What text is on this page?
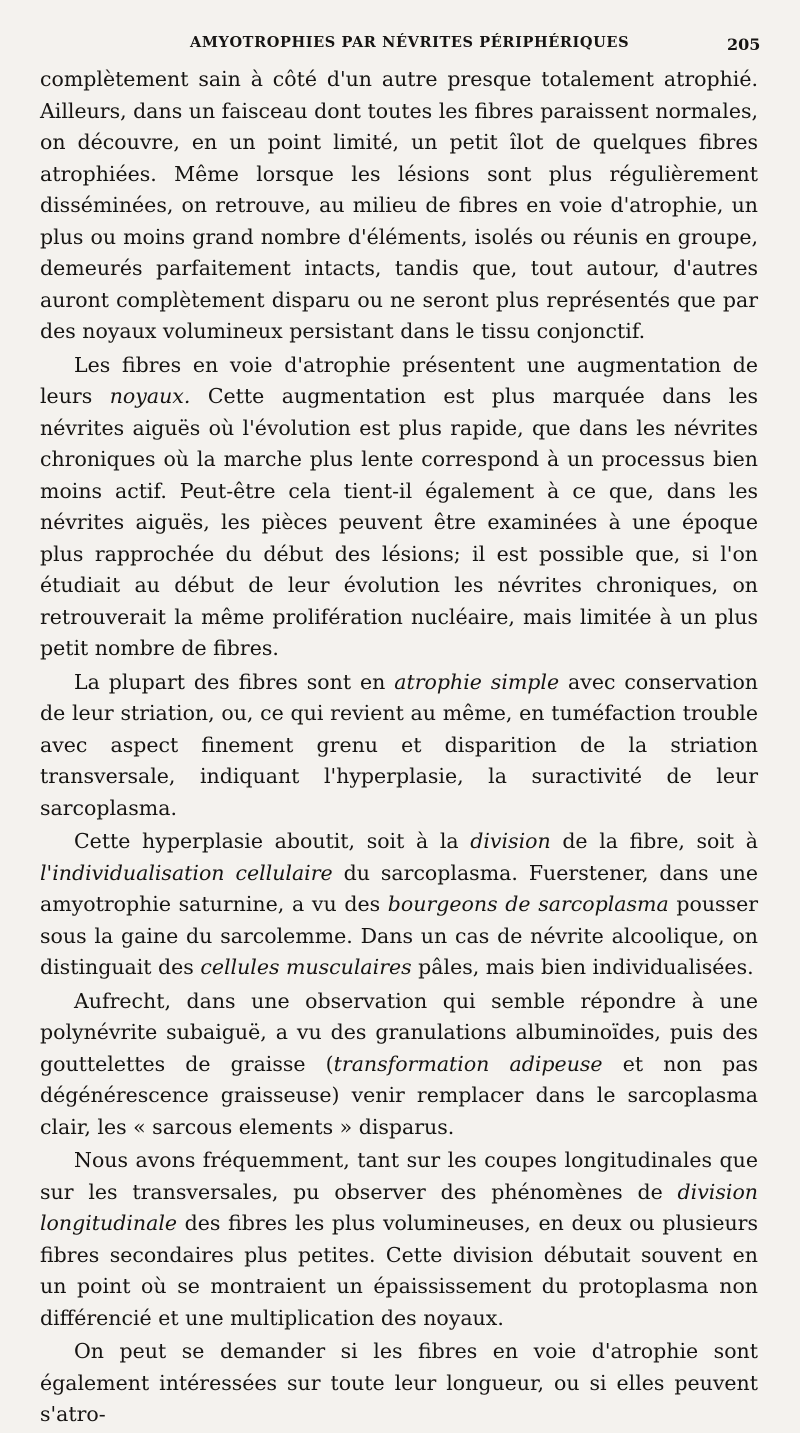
AMYOTROPHIES PAR NÉVRITES PÉRIPHÉRIQUES	205

complètement sain à côté d'un autre presque totalement atrophié. Ailleurs, dans un faisceau dont toutes les fibres paraissent normales, on découvre, en un point limité, un petit îlot de quelques fibres atrophiées. Même lorsque les lésions sont plus régulièrement disséminées, on retrouve, au milieu de fibres en voie d'atrophie, un plus ou moins grand nombre d'éléments, isolés ou réunis en groupe, demeurés parfaitement intacts, tandis que, tout autour, d'autres auront complètement disparu ou ne seront plus représentés que par des noyaux volumineux persistant dans le tissu conjonctif.

Les fibres en voie d'atrophie présentent une augmentation de leurs noyaux. Cette augmentation est plus marquée dans les névrites aiguës où l'évolution est plus rapide, que dans les névrites chroniques où la marche plus lente correspond à un processus bien moins actif. Peut-être cela tient-il également à ce que, dans les névrites aiguës, les pièces peuvent être examinées à une époque plus rapprochée du début des lésions; il est possible que, si l'on étudiait au début de leur évolution les névrites chroniques, on retrouverait la même prolifération nucléaire, mais limitée à un plus petit nombre de fibres.

La plupart des fibres sont en atrophie simple avec conservation de leur striation, ou, ce qui revient au même, en tuméfaction trouble avec aspect finement grenu et disparition de la striation transversale, indiquant l'hyperplasie, la suractivité de leur sarcoplasma.

Cette hyperplasie aboutit, soit à la division de la fibre, soit à l'individualisation cellulaire du sarcoplasma. Fuerstener, dans une amyotrophie saturnine, a vu des bourgeons de sarcoplasma pousser sous la gaine du sarcolemme. Dans un cas de névrite alcoolique, on distinguait des cellules musculaires pâles, mais bien individualisées.

Aufrecht, dans une observation qui semble répondre à une polynévrite subaiguë, a vu des granulations albuminoïdes, puis des gouttelettes de graisse (transformation adipeuse et non pas dégénérescence graisseuse) venir remplacer dans le sarcoplasma clair, les « sarcous elements » disparus.

Nous avons fréquemment, tant sur les coupes longitudinales que sur les transversales, pu observer des phénomènes de division longitudinale des fibres les plus volumineuses, en deux ou plusieurs fibres secondaires plus petites. Cette division débutait souvent en un point où se montraient un épaississement du protoplasma non différencié et une multiplication des noyaux.

On peut se demander si les fibres en voie d'atrophie sont également intéressées sur toute leur longueur, ou si elles peuvent s'atro-
